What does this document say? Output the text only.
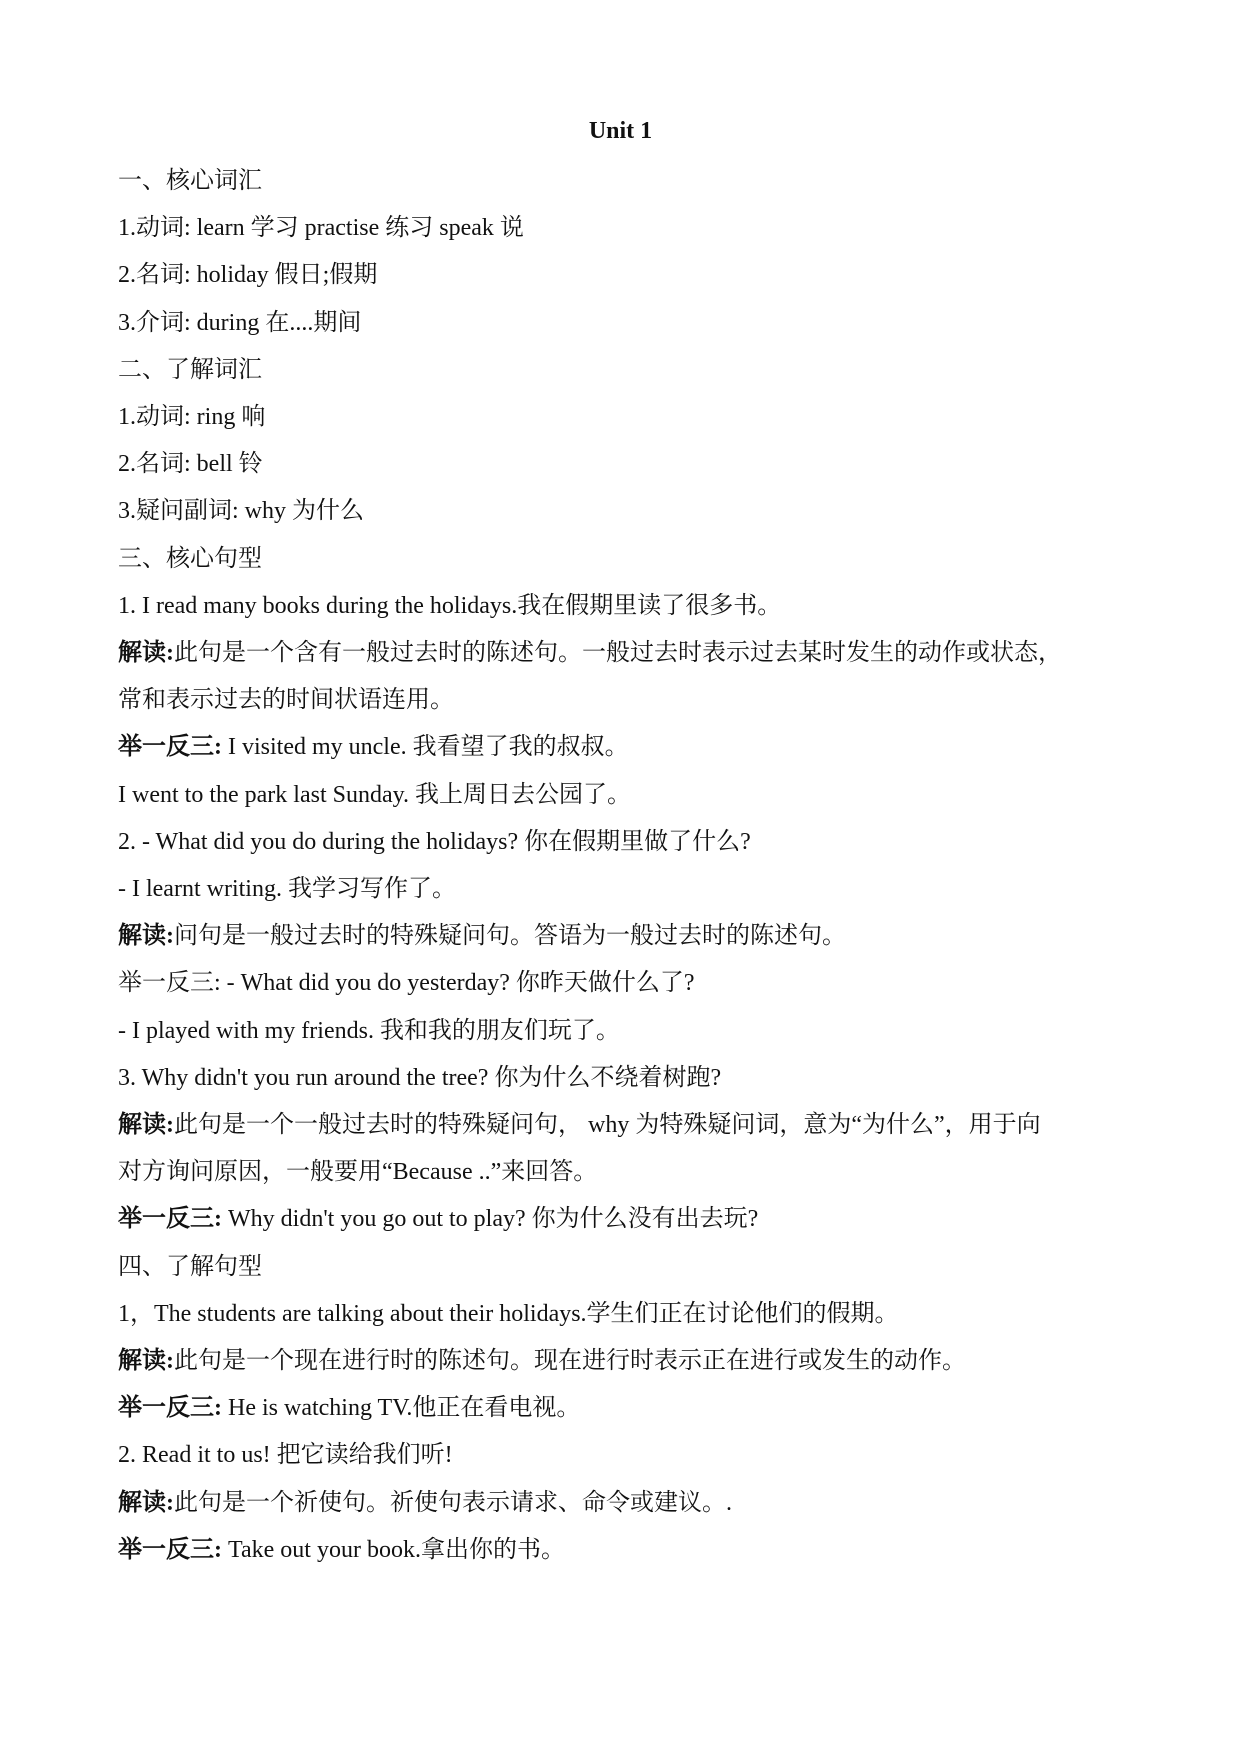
Unit 1
一、核心词汇
1.动词: learn 学习 practise 练习 speak 说
2.名词: holiday 假日;假期
3.介词: during 在....期间
二、了解词汇
1.动词: ring 响
2.名词: bell 铃
3.疑问副词: why 为什么
三、核心句型
1. I read many books during the holidays.我在假期里读了很多书。
解读:此句是一个含有一般过去时的陈述句。一般过去时表示过去某时发生的动作或状态，
常和表示过去的时间状语连用。
举一反三: I visited my uncle. 我看望了我的叔叔。
I went to the park last Sunday. 我上周日去公园了。
2. - What did you do during the holidays? 你在假期里做了什么?
- I learnt writing. 我学习写作了。
解读:问句是一般过去时的特殊疑问句。答语为一般过去时的陈述句。
举一反三: - What did you do yesterday? 你昨天做什么了?
- I played with my friends. 我和我的朋友们玩了。
3. Why didn't you run around the tree? 你为什么不绕着树跑?
解读:此句是一个一般过去时的特殊疑问句， why 为特殊疑问词，意为“为什么”，用于向
对方询问原因，一般要用“Because ..”来回答。
举一反三: Why didn't you go out to play? 你为什么没有出去玩?
四、了解句型
1，The students are talking about their holidays.学生们正在讨论他们的假期。
解读:此句是一个现在进行时的陈述句。现在进行时表示正在进行或发生的动作。
举一反三: He is watching TV.他正在看电视。
2. Read it to us! 把它读给我们听!
解读:此句是一个祈使句。祈使句表示请求、命令或建议。.
举一反三: Take out your book.拿出你的书。
